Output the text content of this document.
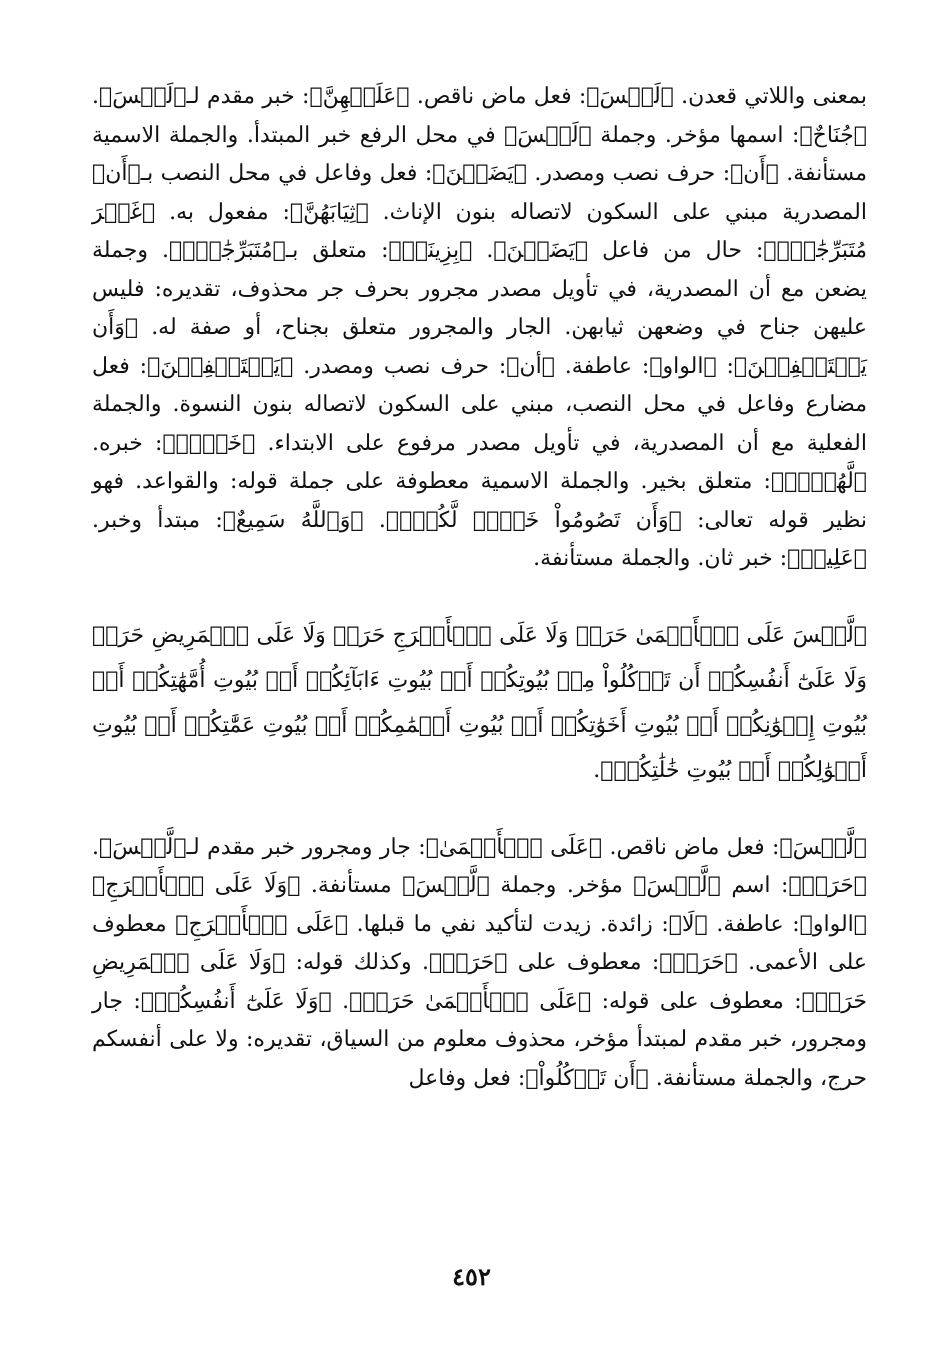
بمعنى واللاتي قعدن. ﴿لَيۡسَ﴾: فعل ماض ناقص. ﴿عَلَيۡهِنَّ﴾: خبر مقدم لـ﴿لَيۡسَ﴾. ﴿جُنَاحٌ﴾: اسمها مؤخر. وجملة ﴿لَيۡسَ﴾ في محل الرفع خبر المبتدأ. والجملة الاسمية مستأنفة. ﴿أَن﴾: حرف نصب ومصدر. ﴿يَضَعۡنَ﴾: فعل وفاعل في محل النصب بـ﴿أَن﴾ المصدرية مبني على السكون لاتصاله بنون الإناث. ﴿ثِيَابَهُنَّ﴾: مفعول به. ﴿غَيۡرَ مُتَبَرِّجَٰتِۭ﴾: حال من فاعل ﴿يَضَعۡنَ﴾. ﴿بِزِينَةٖ﴾: متعلق بـ﴿مُتَبَرِّجَٰتِۭ﴾. وجملة يضعن مع أن المصدرية، في تأويل مصدر مجرور بحرف جر محذوف، تقديره: فليس عليهن جناح في وضعهن ثيابهن. الجار والمجرور متعلق بجناح، أو صفة له. ﴿وَأَن يَسۡتَعۡفِفۡنَ﴾: ﴿الواو﴾: عاطفة. ﴿أن﴾: حرف نصب ومصدر. ﴿يَسۡتَعۡفِفۡنَ﴾: فعل مضارع وفاعل في محل النصب، مبني على السكون لاتصاله بنون النسوة. والجملة الفعلية مع أن المصدرية، في تأويل مصدر مرفوع على الابتداء. ﴿خَيۡرٞ﴾: خبره. ﴿لَّهُنَّۗ﴾: متعلق بخير. والجملة الاسمية معطوفة على جملة قوله: والقواعد. فهو نظير قوله تعالى: ﴿وَأَن تَصُومُواْ خَيۡرٞ لَّكُمۡۖ﴾. ﴿وَٱللَّهُ سَمِيعٌ﴾: مبتدأ وخبر. ﴿عَلِيمٞ﴾: خبر ثان. والجملة مستأنفة.

﴿لَّيۡسَ عَلَى ٱلۡأَعۡمَىٰ حَرَجٞ وَلَا عَلَى ٱلۡأَعۡرَجِ حَرَجٞ وَلَا عَلَى ٱلۡمَرِيضِ حَرَجٞ وَلَا عَلَىٰٓ أَنفُسِكُمۡ أَن تَأۡكُلُواْ مِنۢ بُيُوتِكُمۡ أَوۡ بُيُوتِ ءَابَآئِكُمۡ أَوۡ بُيُوتِ أُمَّهَٰتِكُمۡ أَوۡ بُيُوتِ إِخۡوَٰنِكُمۡ أَوۡ بُيُوتِ أَخَوَٰتِكُمۡ أَوۡ بُيُوتِ أَعۡمَٰمِكُمۡ أَوۡ بُيُوتِ عَمَّٰتِكُمۡ أَوۡ بُيُوتِ أَخۡوَٰلِكُمۡ أَوۡ بُيُوتِ خَٰلَٰتِكُمۡ﴾.

﴿لَّيۡسَ﴾: فعل ماض ناقص. ﴿عَلَى ٱلۡأَعۡمَىٰ﴾: جار ومجرور خبر مقدم لـ﴿لَّيۡسَ﴾. ﴿حَرَجٞ﴾: اسم ﴿لَّيۡسَ﴾ مؤخر. وجملة ﴿لَّيۡسَ﴾ مستأنفة. ﴿وَلَا عَلَى ٱلۡأَعۡرَجِ﴾ ﴿الواو﴾: عاطفة. ﴿لَا﴾: زائدة. زيدت لتأكيد نفي ما قبلها. ﴿عَلَى ٱلۡأَعۡرَجِ﴾ معطوف على الأعمى. ﴿حَرَجٞ﴾: معطوف على ﴿حَرَجٞ﴾. وكذلك قوله: ﴿وَلَا عَلَى ٱلۡمَرِيضِ حَرَجٞ﴾: معطوف على قوله: ﴿عَلَى ٱلۡأَعۡمَىٰ حَرَجٞ﴾. ﴿وَلَا عَلَىٰٓ أَنفُسِكُمۡ﴾: جار ومجرور، خبر مقدم لمبتدأ مؤخر، محذوف معلوم من السياق، تقديره: ولا على أنفسكم حرج، والجملة مستأنفة. ﴿أَن تَأۡكُلُواْ﴾: فعل وفاعل

٤٥٢
